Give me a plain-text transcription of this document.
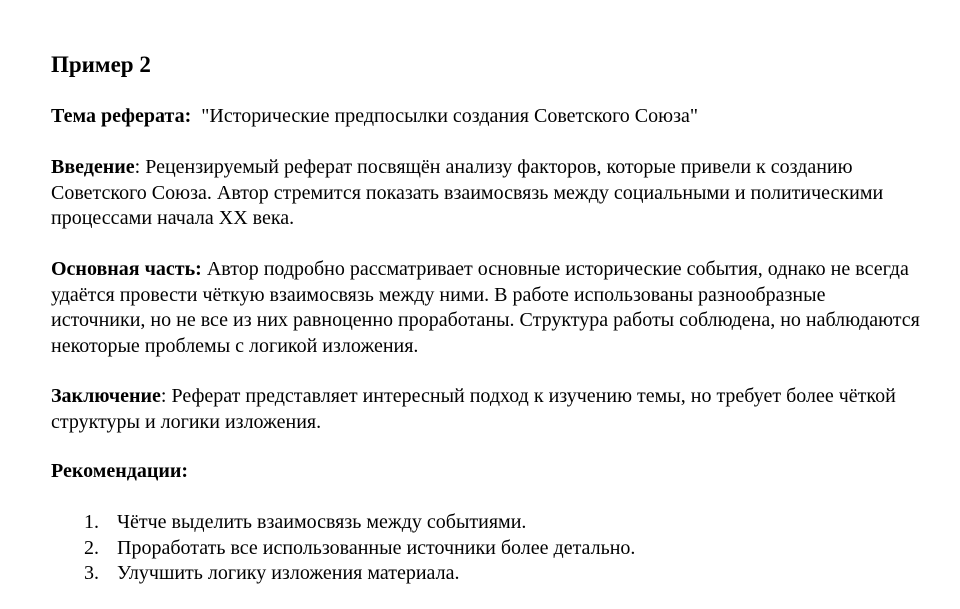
Пример 2

Тема реферата: "Исторические предпосылки создания Советского Союза"

Введение: Рецензируемый реферат посвящён анализу факторов, которые привели к созданию Советского Союза. Автор стремится показать взаимосвязь между социальными и политическими процессами начала XX века.

Основная часть: Автор подробно рассматривает основные исторические события, однако не всегда удаётся провести чёткую взаимосвязь между ними. В работе использованы разнообразные источники, но не все из них равноценно проработаны. Структура работы соблюдена, но наблюдаются некоторые проблемы с логикой изложения.

Заключение: Реферат представляет интересный подход к изучению темы, но требует более чёткой структуры и логики изложения.

Рекомендации:

1. Чётче выделить взаимосвязь между событиями.
2. Проработать все использованные источники более детально.
3. Улучшить логику изложения материала.
